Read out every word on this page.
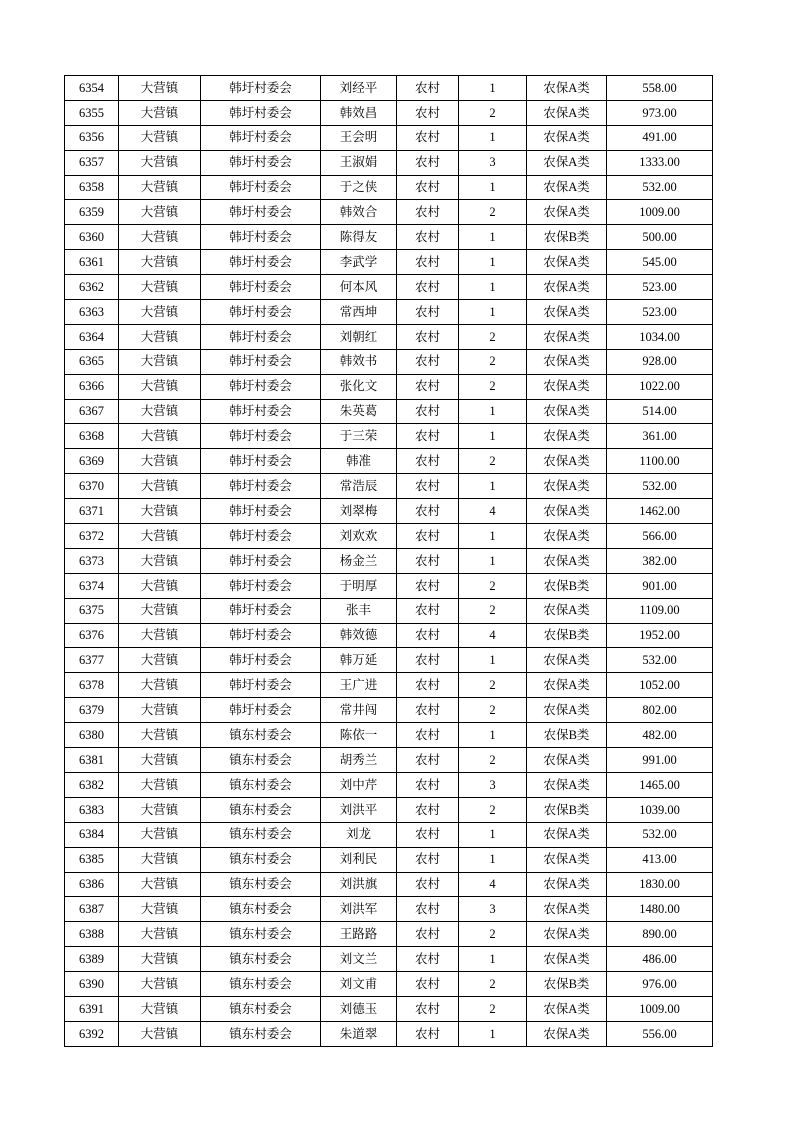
6354	大营镇	韩圩村委会	刘经平	农村	1	农保A类	558.00
6355	大营镇	韩圩村委会	韩效昌	农村	2	农保A类	973.00
6356	大营镇	韩圩村委会	王会明	农村	1	农保A类	491.00
6357	大营镇	韩圩村委会	王淑娟	农村	3	农保A类	1333.00
6358	大营镇	韩圩村委会	于之侠	农村	1	农保A类	532.00
6359	大营镇	韩圩村委会	韩效合	农村	2	农保A类	1009.00
6360	大营镇	韩圩村委会	陈得友	农村	1	农保B类	500.00
6361	大营镇	韩圩村委会	李武学	农村	1	农保A类	545.00
6362	大营镇	韩圩村委会	何本风	农村	1	农保A类	523.00
6363	大营镇	韩圩村委会	常西坤	农村	1	农保A类	523.00
6364	大营镇	韩圩村委会	刘朝红	农村	2	农保A类	1034.00
6365	大营镇	韩圩村委会	韩效书	农村	2	农保A类	928.00
6366	大营镇	韩圩村委会	张化文	农村	2	农保A类	1022.00
6367	大营镇	韩圩村委会	朱英葛	农村	1	农保A类	514.00
6368	大营镇	韩圩村委会	于三荣	农村	1	农保A类	361.00
6369	大营镇	韩圩村委会	韩准	农村	2	农保A类	1100.00
6370	大营镇	韩圩村委会	常浩辰	农村	1	农保A类	532.00
6371	大营镇	韩圩村委会	刘翠梅	农村	4	农保A类	1462.00
6372	大营镇	韩圩村委会	刘欢欢	农村	1	农保A类	566.00
6373	大营镇	韩圩村委会	杨金兰	农村	1	农保A类	382.00
6374	大营镇	韩圩村委会	于明厚	农村	2	农保B类	901.00
6375	大营镇	韩圩村委会	张丰	农村	2	农保A类	1109.00
6376	大营镇	韩圩村委会	韩效德	农村	4	农保B类	1952.00
6377	大营镇	韩圩村委会	韩万延	农村	1	农保A类	532.00
6378	大营镇	韩圩村委会	王广进	农村	2	农保A类	1052.00
6379	大营镇	韩圩村委会	常井闯	农村	2	农保A类	802.00
6380	大营镇	镇东村委会	陈依一	农村	1	农保B类	482.00
6381	大营镇	镇东村委会	胡秀兰	农村	2	农保A类	991.00
6382	大营镇	镇东村委会	刘中芹	农村	3	农保A类	1465.00
6383	大营镇	镇东村委会	刘洪平	农村	2	农保B类	1039.00
6384	大营镇	镇东村委会	刘龙	农村	1	农保A类	532.00
6385	大营镇	镇东村委会	刘利民	农村	1	农保A类	413.00
6386	大营镇	镇东村委会	刘洪旗	农村	4	农保A类	1830.00
6387	大营镇	镇东村委会	刘洪军	农村	3	农保A类	1480.00
6388	大营镇	镇东村委会	王路路	农村	2	农保A类	890.00
6389	大营镇	镇东村委会	刘文兰	农村	1	农保A类	486.00
6390	大营镇	镇东村委会	刘文甫	农村	2	农保B类	976.00
6391	大营镇	镇东村委会	刘德玉	农村	2	农保A类	1009.00
6392	大营镇	镇东村委会	朱道翠	农村	1	农保A类	556.00
